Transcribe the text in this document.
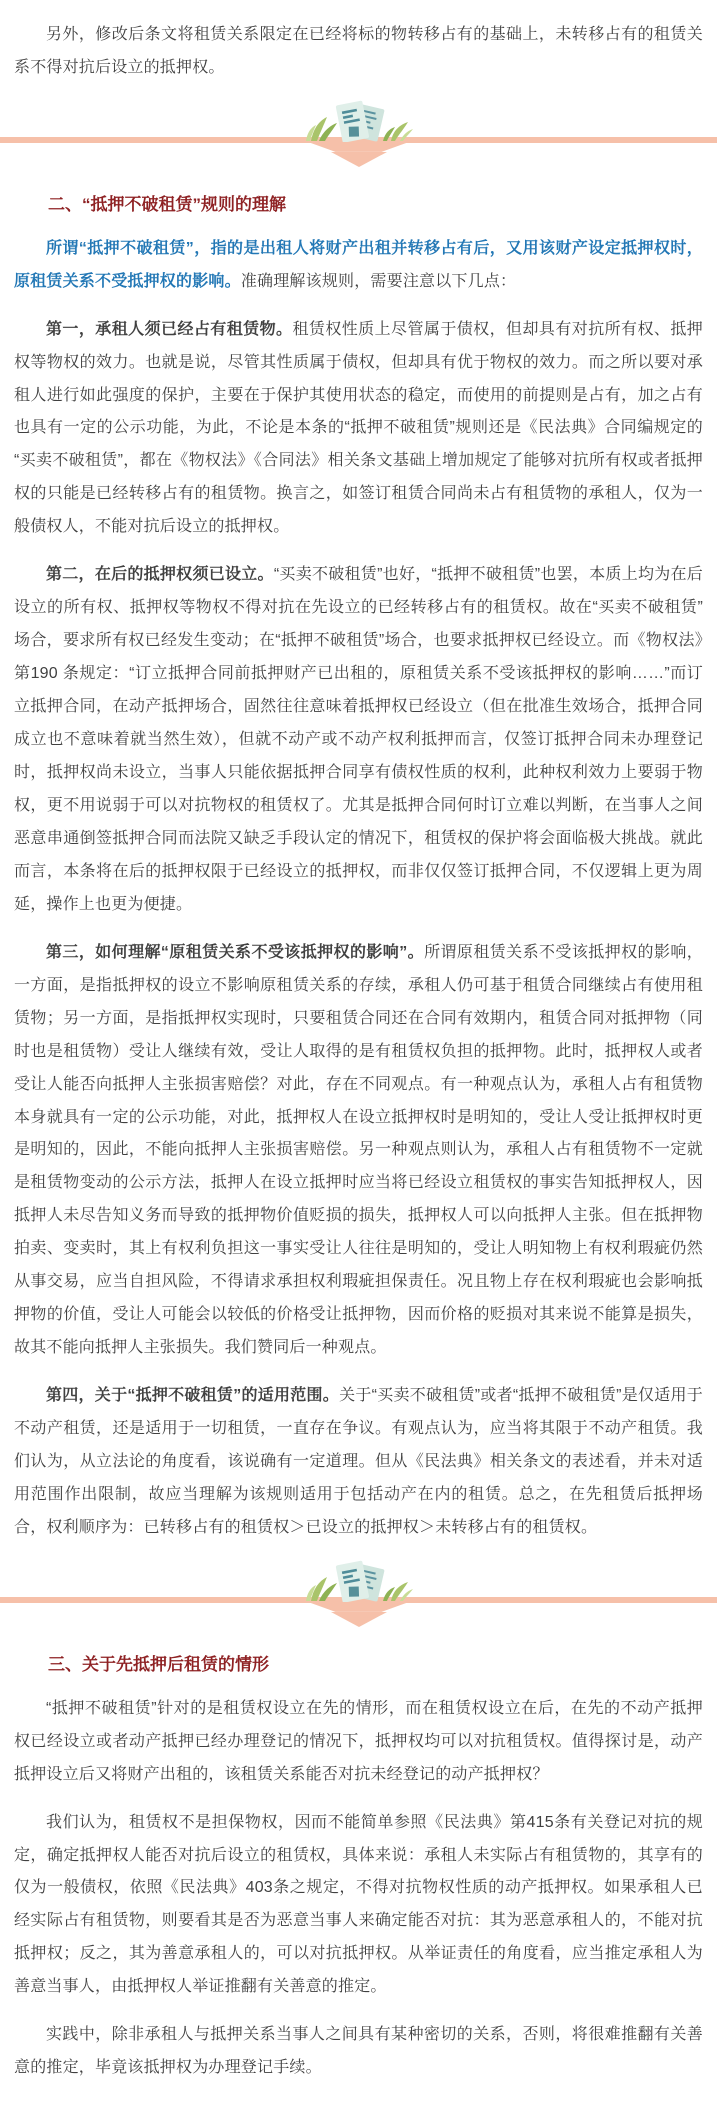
另外，修改后条文将租赁关系限定在已经将标的物转移占有的基础上，未转移占有的租赁关系不得对抗后设立的抵押权。

二、“抵押不破租赁”规则的理解

所谓“抵押不破租赁”，指的是出租人将财产出租并转移占有后，又用该财产设定抵押权时，原租赁关系不受抵押权的影响。准确理解该规则，需要注意以下几点：

第一，承租人须已经占有租赁物。租赁权性质上尽管属于债权，但却具有对抗所有权、抵押权等物权的效力。也就是说，尽管其性质属于债权，但却具有优于物权的效力。而之所以要对承租人进行如此强度的保护，主要在于保护其使用状态的稳定，而使用的前提则是占有，加之占有也具有一定的公示功能，为此，不论是本条的“抵押不破租赁”规则还是《民法典》合同编规定的“买卖不破租赁”，都在《物权法》《合同法》相关条文基础上增加规定了能够对抗所有权或者抵押权的只能是已经转移占有的租赁物。换言之，如签订租赁合同尚未占有租赁物的承租人，仅为一般债权人，不能对抗后设立的抵押权。

第二，在后的抵押权须已设立。“买卖不破租赁”也好，“抵押不破租赁”也罢，本质上均为在后设立的所有权、抵押权等物权不得对抗在先设立的已经转移占有的租赁权。故在“买卖不破租赁”场合，要求所有权已经发生变动；在“抵押不破租赁”场合，也要求抵押权已经设立。而《物权法》第190 条规定：“订立抵押合同前抵押财产已出租的，原租赁关系不受该抵押权的影响……”而订立抵押合同，在动产抵押场合，固然往往意味着抵押权已经设立（但在批准生效场合，抵押合同成立也不意味着就当然生效），但就不动产或不动产权利抵押而言，仅签订抵押合同未办理登记时，抵押权尚未设立，当事人只能依据抵押合同享有债权性质的权利，此种权利效力上要弱于物权，更不用说弱于可以对抗物权的租赁权了。尤其是抵押合同何时订立难以判断，在当事人之间恶意串通倒签抵押合同而法院又缺乏手段认定的情况下，租赁权的保护将会面临极大挑战。就此而言，本条将在后的抵押权限于已经设立的抵押权，而非仅仅签订抵押合同，不仅逻辑上更为周延，操作上也更为便捷。

第三，如何理解“原租赁关系不受该抵押权的影响”。所谓原租赁关系不受该抵押权的影响，一方面，是指抵押权的设立不影响原租赁关系的存续，承租人仍可基于租赁合同继续占有使用租赁物；另一方面，是指抵押权实现时，只要租赁合同还在合同有效期内，租赁合同对抵押物（同时也是租赁物）受让人继续有效，受让人取得的是有租赁权负担的抵押物。此时，抵押权人或者受让人能否向抵押人主张损害赔偿？对此，存在不同观点。有一种观点认为，承租人占有租赁物本身就具有一定的公示功能，对此，抵押权人在设立抵押权时是明知的，受让人受让抵押权时更是明知的，因此，不能向抵押人主张损害赔偿。另一种观点则认为，承租人占有租赁物不一定就是租赁物变动的公示方法，抵押人在设立抵押时应当将已经设立租赁权的事实告知抵押权人，因抵押人未尽告知义务而导致的抵押物价值贬损的损失，抵押权人可以向抵押人主张。但在抵押物拍卖、变卖时，其上有权利负担这一事实受让人往往是明知的，受让人明知物上有权利瑕疵仍然从事交易，应当自担风险，不得请求承担权利瑕疵担保责任。况且物上存在权利瑕疵也会影响抵押物的价值，受让人可能会以较低的价格受让抵押物，因而价格的贬损对其来说不能算是损失，故其不能向抵押人主张损失。我们赞同后一种观点。

第四，关于“抵押不破租赁”的适用范围。关于“买卖不破租赁”或者“抵押不破租赁”是仅适用于不动产租赁，还是适用于一切租赁，一直存在争议。有观点认为，应当将其限于不动产租赁。我们认为，从立法论的角度看，该说确有一定道理。但从《民法典》相关条文的表述看，并未对适用范围作出限制，故应当理解为该规则适用于包括动产在内的租赁。总之，在先租赁后抵押场合，权利顺序为：已转移占有的租赁权＞已设立的抵押权＞未转移占有的租赁权。

三、关于先抵押后租赁的情形

“抵押不破租赁”针对的是租赁权设立在先的情形，而在租赁权设立在后，在先的不动产抵押权已经设立或者动产抵押已经办理登记的情况下，抵押权均可以对抗租赁权。值得探讨是，动产抵押设立后又将财产出租的，该租赁关系能否对抗未经登记的动产抵押权？

我们认为，租赁权不是担保物权，因而不能简单参照《民法典》第415条有关登记对抗的规定，确定抵押权人能否对抗后设立的租赁权，具体来说：承租人未实际占有租赁物的，其享有的仅为一般债权，依照《民法典》403条之规定，不得对抗物权性质的动产抵押权。如果承租人已经实际占有租赁物，则要看其是否为恶意当事人来确定能否对抗：其为恶意承租人的，不能对抗抵押权；反之，其为善意承租人的，可以对抗抵押权。从举证责任的角度看，应当推定承租人为善意当事人，由抵押权人举证推翻有关善意的推定。

实践中，除非承租人与抵押关系当事人之间具有某种密切的关系，否则，将很难推翻有关善意的推定，毕竟该抵押权为办理登记手续。
